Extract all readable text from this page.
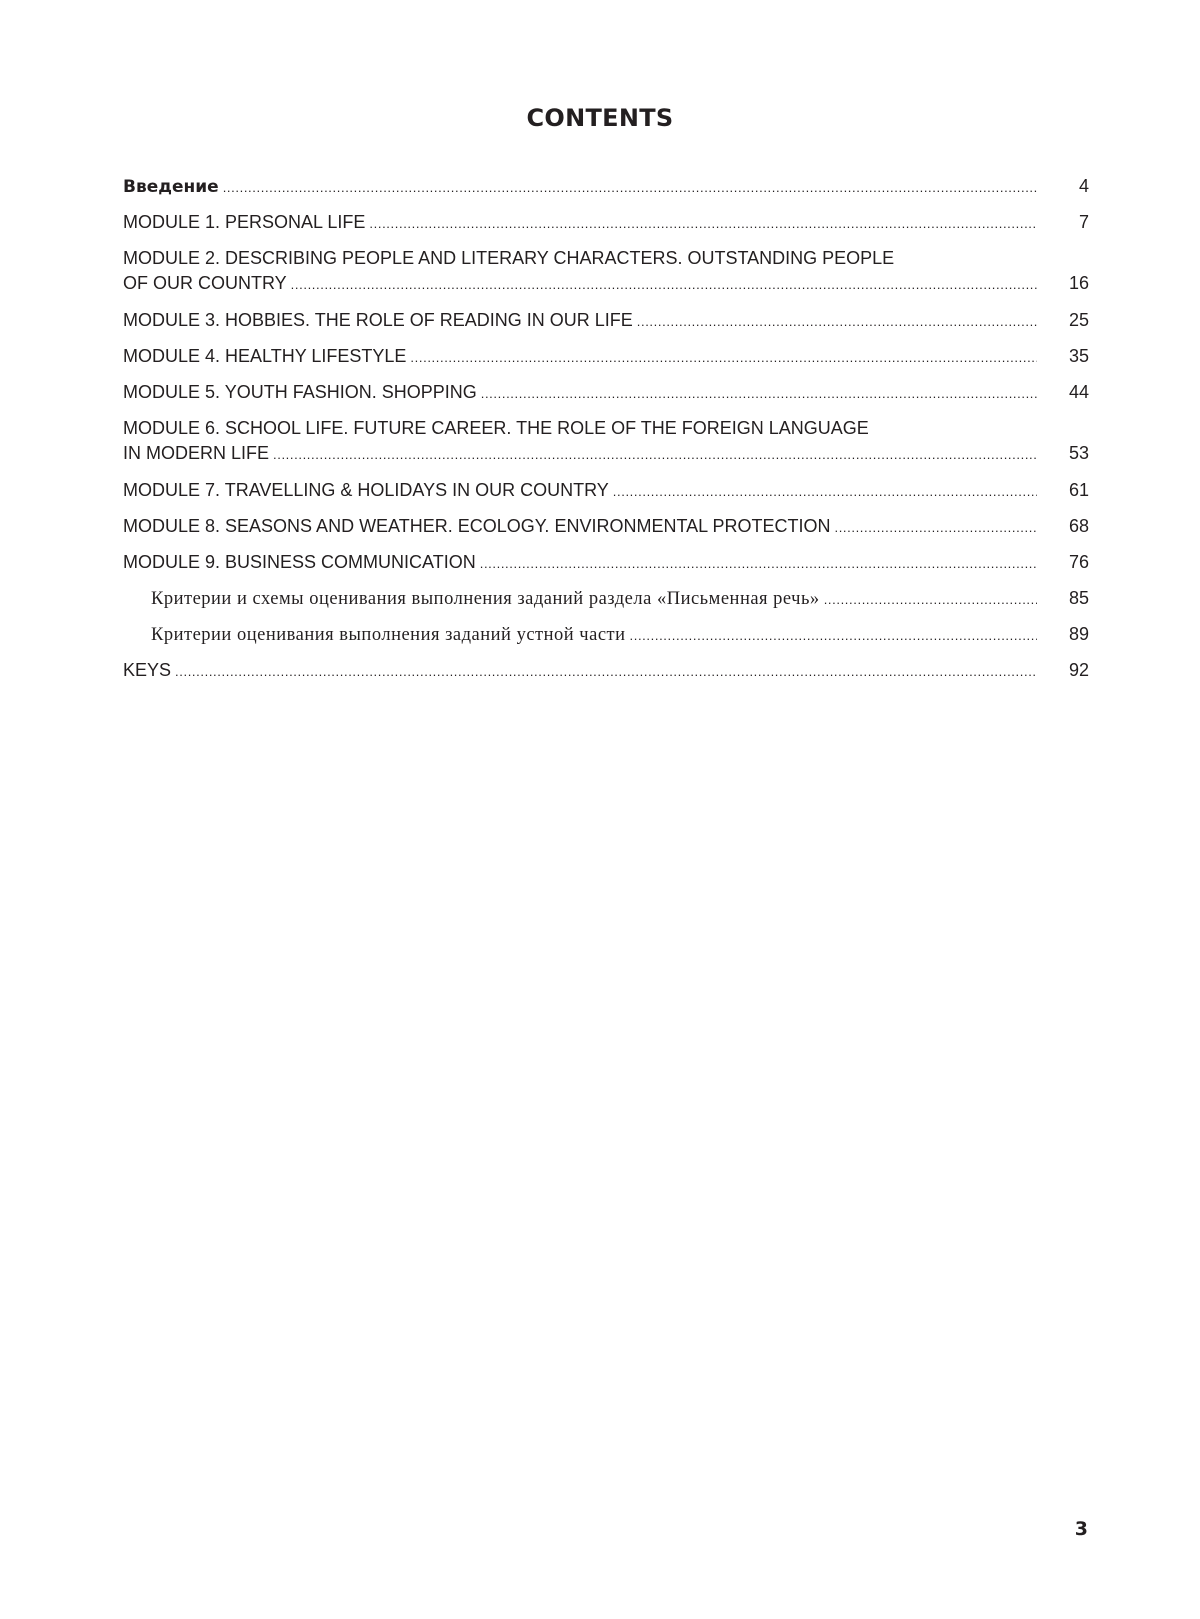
CONTENTS
Введение . . .	4
MODULE 1. PERSONAL LIFE . . .	7
MODULE 2. DESCRIBING PEOPLE AND LITERARY CHARACTERS. OUTSTANDING PEOPLE
OF OUR COUNTRY . . .	16
MODULE 3. HOBBIES. THE ROLE OF READING IN OUR LIFE . . .	25
MODULE 4. HEALTHY LIFESTYLE . . .	35
MODULE 5. YOUTH FASHION. SHOPPING . . .	44
MODULE 6. SCHOOL LIFE. FUTURE CAREER. THE ROLE OF THE FOREIGN LANGUAGE
IN MODERN LIFE . . .	53
MODULE 7. TRAVELLING & HOLIDAYS IN OUR COUNTRY . . .	61
MODULE 8. SEASONS AND WEATHER. ECOLOGY. ENVIRONMENTAL PROTECTION . . .	68
MODULE 9. BUSINESS COMMUNICATION . . .	76
Критерии и схемы оценивания выполнения заданий раздела «Письменная речь» . . .	85
Критерии оценивания выполнения заданий устной части . . .	89
KEYS . . .	92
3
